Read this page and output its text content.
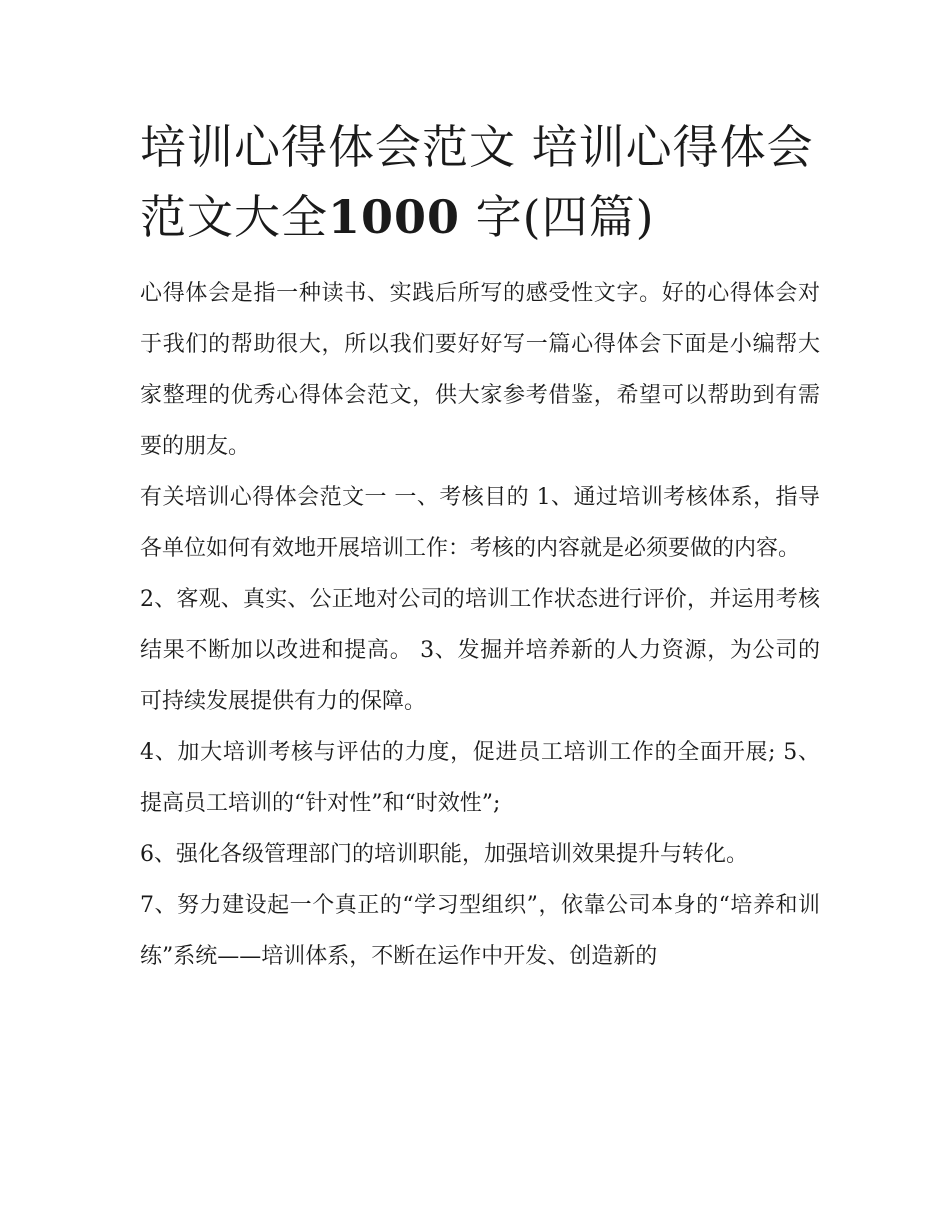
培训心得体会范文 培训心得体会范文大全1000 字(四篇)

心得体会是指一种读书、实践后所写的感受性文字。好的心得体会对于我们的帮助很大，所以我们要好好写一篇心得体会下面是小编帮大家整理的优秀心得体会范文，供大家参考借鉴，希望可以帮助到有需要的朋友。

有关培训心得体会范文一 一、考核目的 1、通过培训考核体系，指导各单位如何有效地开展培训工作：考核的内容就是必须要做的内容。

2、客观、真实、公正地对公司的培训工作状态进行评价，并运用考核结果不断加以改进和提高。 3、发掘并培养新的人力资源，为公司的可持续发展提供有力的保障。

4、加大培训考核与评估的力度，促进员工培训工作的全面开展; 5、提高员工培训的“针对性”和“时效性”;

6、强化各级管理部门的培训职能，加强培训效果提升与转化。

7、努力建设起一个真正的“学习型组织”，依靠公司本身的“培养和训练”系统——培训体系，不断在运作中开发、创造新的
